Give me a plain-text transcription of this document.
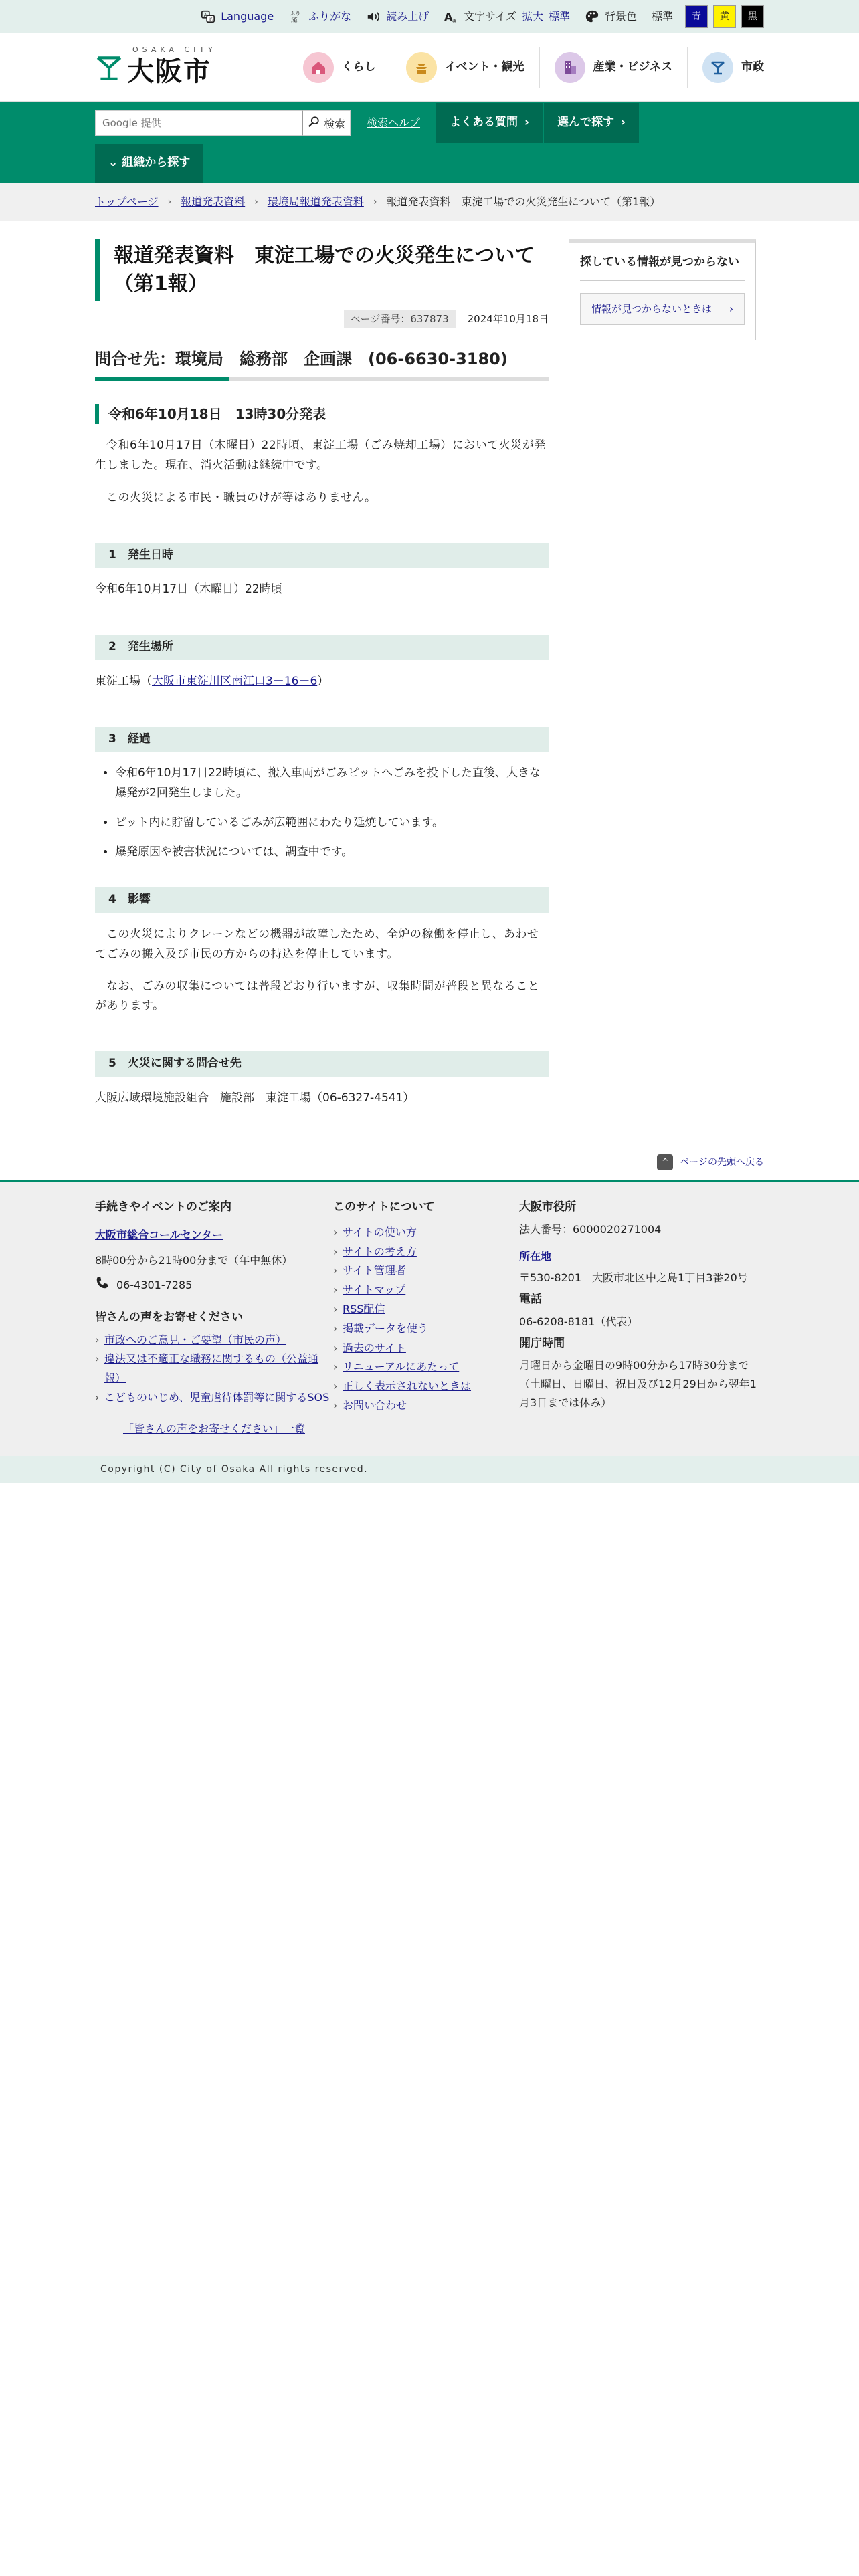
A
あ Language	ふり
漢 ふりがな	読み上げ A a 文字サイズ 拡大 標準	背景色 標準	青	黄	黒
OSAKA CITY
大阪市	くらし	イベント・観光	産業・ビジネス	市政
Google 提供
検索 検索ヘルプ	よくある質問 › 選んで探す ›
⌄ 組織から探す
トップページ › 報道発表資料 › 環境局報道発表資料 › 報道発表資料　東淀工場での火災発生について（第1報）
報道発表資料　東淀工場での火災発生について（第1報）
ページ番号：637873	2024年10月18日
問合せ先：環境局　総務部　企画課　(06-6630-3180)
令和6年10月18日　13時30分発表

令和6年10月17日（木曜日）22時頃、東淀工場（ごみ焼却工場）において火災が発生しました。現在、消火活動は継続中です。

この火災による市民・職員のけが等はありません。

1　発生日時

令和6年10月17日（木曜日）22時頃

2　発生場所

東淀工場（大阪市東淀川区南江口3－16－6）

3　経過
• 令和6年10月17日22時頃に、搬入車両がごみピットへごみを投下した直後、大きな爆発が2回発生しました。
• ピット内に貯留しているごみが広範囲にわたり延焼しています。
• 爆発原因や被害状況については、調査中です。
4　影響

この火災によりクレーンなどの機器が故障したため、全炉の稼働を停止し、あわせてごみの搬入及び市民の方からの持込を停止しています。

なお、ごみの収集については普段どおり行いますが、収集時間が普段と異なることがあります。

5　火災に関する問合せ先

大阪広域環境施設組合　施設部　東淀工場（06-6327-4541）

探している情報が見つからない
情報が見つからないときは ›
^	ページの先頭へ戻る
手続きやイベントのご案内
大阪市総合コールセンター
8時00分から21時00分まで（年中無休）
06-4301-7285
皆さんの声をお寄せください
› 市政へのご意見・ご要望（市民の声）
› 違法又は不適正な職務に関するもの（公益通報）
› こどものいじめ、児童虐待体罰等に関するSOS
「皆さんの声をお寄せください」一覧
このサイトについて
› サイトの使い方
› サイトの考え方
› サイト管理者
› サイトマップ
› RSS配信
› 掲載データを使う
› 過去のサイト
› リニューアルにあたって
› 正しく表示されないときは
› お問い合わせ
大阪市役所
法人番号：6000020271004
所在地
〒530-8201　大阪市北区中之島1丁目3番20号
電話
06-6208-8181（代表）
開庁時間
月曜日から金曜日の9時00分から17時30分まで
（土曜日、日曜日、祝日及び12月29日から翌年1月3日までは休み）
Copyright (C) City of Osaka All rights reserved.
